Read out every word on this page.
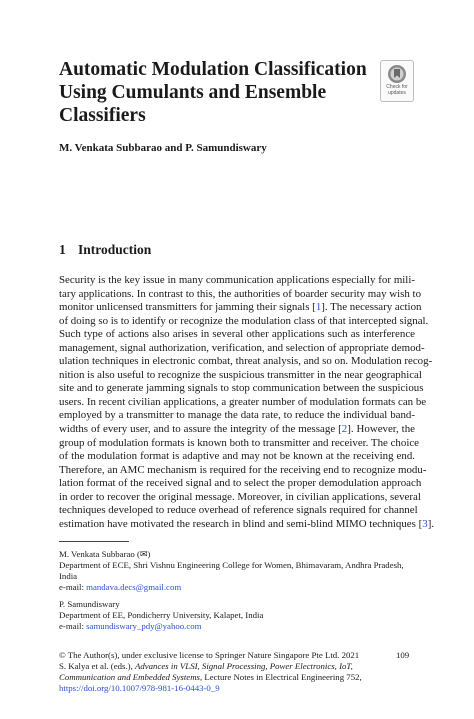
Automatic Modulation Classification
Using Cumulants and Ensemble
Classifiers
Check for
updates
M. Venkata Subbarao and P. Samundiswary
1 Introduction
Security is the key issue in many communication applications especially for mili-
tary applications. In contrast to this, the authorities of boarder security may wish to
monitor unlicensed transmitters for jamming their signals [1]. The necessary action
of doing so is to identify or recognize the modulation class of that intercepted signal.
Such type of actions also arises in several other applications such as interference
management, signal authorization, verification, and selection of appropriate demod-
ulation techniques in electronic combat, threat analysis, and so on. Modulation recog-
nition is also useful to recognize the suspicious transmitter in the near geographical
site and to generate jamming signals to stop communication between the suspicious
users. In recent civilian applications, a greater number of modulation formats can be
employed by a transmitter to manage the data rate, to reduce the individual band-
widths of every user, and to assure the integrity of the message [2]. However, the
group of modulation formats is known both to transmitter and receiver. The choice
of the modulation format is adaptive and may not be known at the receiving end.
Therefore, an AMC mechanism is required for the receiving end to recognize modu-
lation format of the received signal and to select the proper demodulation approach
in order to recover the original message. Moreover, in civilian applications, several
techniques developed to reduce overhead of reference signals required for channel
estimation have motivated the research in blind and semi-blind MIMO techniques [3].
M. Venkata Subbarao (✉)
Department of ECE, Shri Vishnu Engineering College for Women, Bhimavaram, Andhra Pradesh,
India
e-mail: mandava.decs@gmail.com
P. Samundiswary
Department of EE, Pondicherry University, Kalapet, India
e-mail: samundiswary_pdy@yahoo.com
© The Author(s), under exclusive license to Springer Nature Singapore Pte Ltd. 2021
S. Kalya et al. (eds.), Advances in VLSI, Signal Processing, Power Electronics, IoT,
Communication and Embedded Systems, Lecture Notes in Electrical Engineering 752,
https://doi.org/10.1007/978-981-16-0443-0_9
109
